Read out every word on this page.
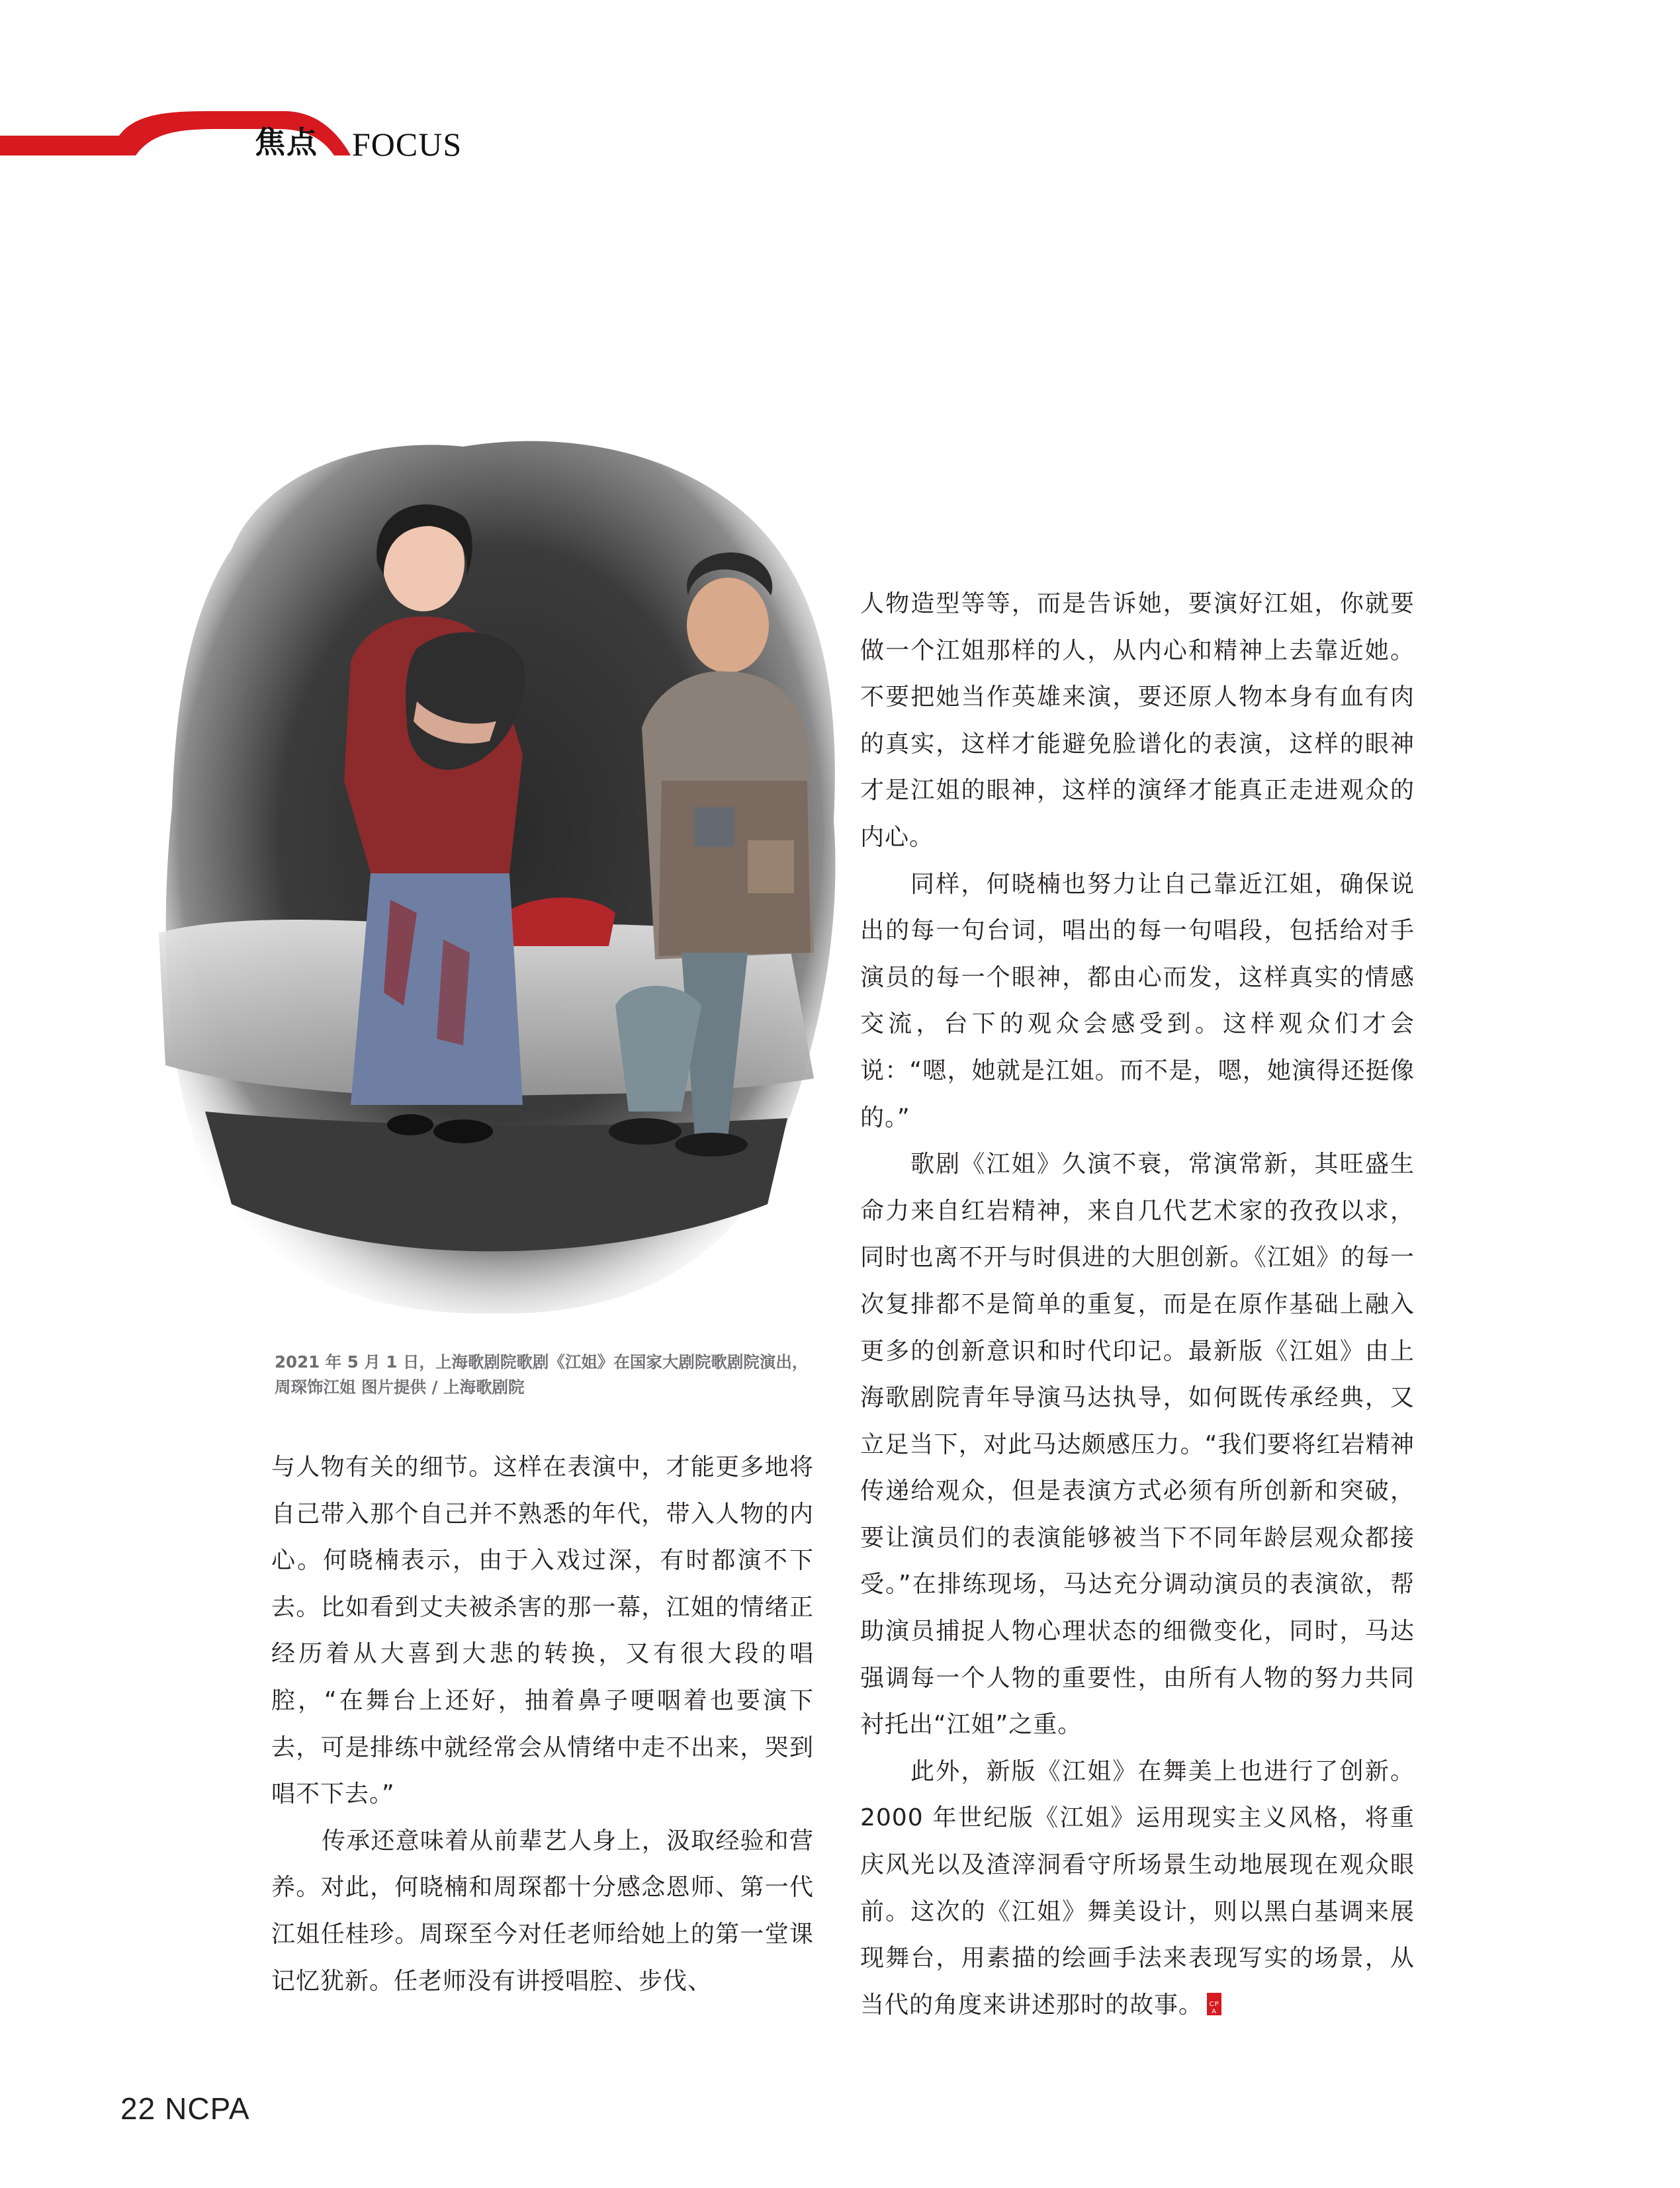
焦点 FOCUS

2021 年 5 月 1 日，上海歌剧院歌剧《江姐》在国家大剧院歌剧院演出，周琛饰江姐 图片提供 / 上海歌剧院

与人物有关的细节。这样在表演中，才能更多地将自己带入那个自己并不熟悉的年代，带入人物的内心。何晓楠表示，由于入戏过深，有时都演不下去。比如看到丈夫被杀害的那一幕，江姐的情绪正经历着从大喜到大悲的转换，又有很大段的唱腔，“在舞台上还好，抽着鼻子哽咽着也要演下去，可是排练中就经常会从情绪中走不出来，哭到唱不下去。”

传承还意味着从前辈艺人身上，汲取经验和营养。对此，何晓楠和周琛都十分感念恩师、第一代江姐任桂珍。周琛至今对任老师给她上的第一堂课记忆犹新。任老师没有讲授唱腔、步伐、

人物造型等等，而是告诉她，要演好江姐，你就要做一个江姐那样的人，从内心和精神上去靠近她。不要把她当作英雄来演，要还原人物本身有血有肉的真实，这样才能避免脸谱化的表演，这样的眼神才是江姐的眼神，这样的演绎才能真正走进观众的内心。

同样，何晓楠也努力让自己靠近江姐，确保说出的每一句台词，唱出的每一句唱段，包括给对手演员的每一个眼神，都由心而发，这样真实的情感交流，台下的观众会感受到。这样观众们才会说：“嗯，她就是江姐。而不是，嗯，她演得还挺像的。”

歌剧《江姐》久演不衰，常演常新，其旺盛生命力来自红岩精神，来自几代艺术家的孜孜以求，同时也离不开与时俱进的大胆创新。《江姐》的每一次复排都不是简单的重复，而是在原作基础上融入更多的创新意识和时代印记。最新版《江姐》由上海歌剧院青年导演马达执导，如何既传承经典，又立足当下，对此马达颇感压力。“我们要将红岩精神传递给观众，但是表演方式必须有所创新和突破，要让演员们的表演能够被当下不同年龄层观众都接受。”在排练现场，马达充分调动演员的表演欲，帮助演员捕捉人物心理状态的细微变化，同时，马达强调每一个人物的重要性，由所有人物的努力共同衬托出“江姐”之重。

此外，新版《江姐》在舞美上也进行了创新。2000 年世纪版《江姐》运用现实主义风格，将重庆风光以及渣滓洞看守所场景生动地展现在观众眼前。这次的《江姐》舞美设计，则以黑白基调来展现舞台，用素描的绘画手法来表现写实的场景，从当代的角度来讲述那时的故事。	NCPA

22 NCPA
